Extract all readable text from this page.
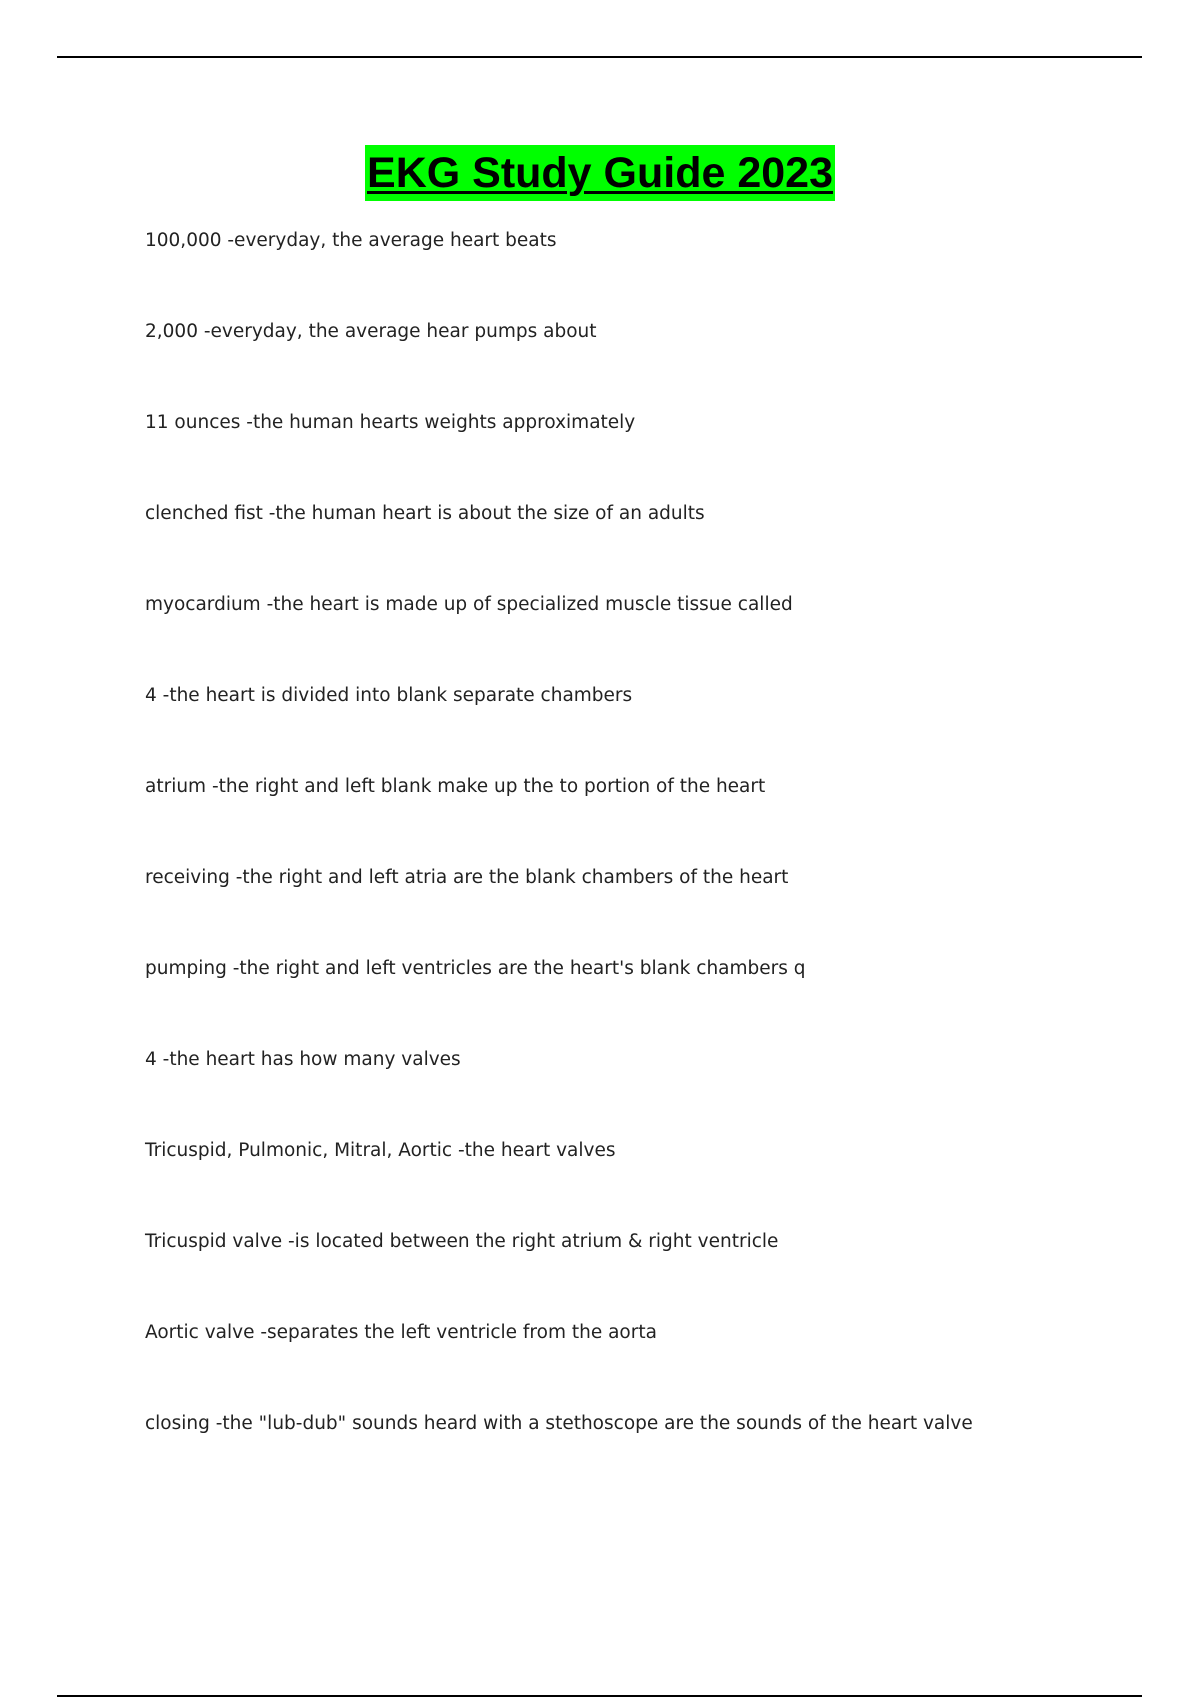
EKG Study Guide 2023
100,000 -everyday, the average heart beats
2,000 -everyday, the average hear pumps about
11 ounces -the human hearts weights approximately
clenched fist -the human heart is about the size of an adults
myocardium -the heart is made up of specialized muscle tissue called
4 -the heart is divided into blank separate chambers
atrium -the right and left blank make up the to portion of the heart
receiving -the right and left atria are the blank chambers of the heart
pumping -the right and left ventricles are the heart's blank chambers q
4 -the heart has how many valves
Tricuspid, Pulmonic, Mitral, Aortic -the heart valves
Tricuspid valve -is located between the right atrium & right ventricle
Aortic valve -separates the left ventricle from the aorta
closing -the "lub-dub" sounds heard with a stethoscope are the sounds of the heart valve
